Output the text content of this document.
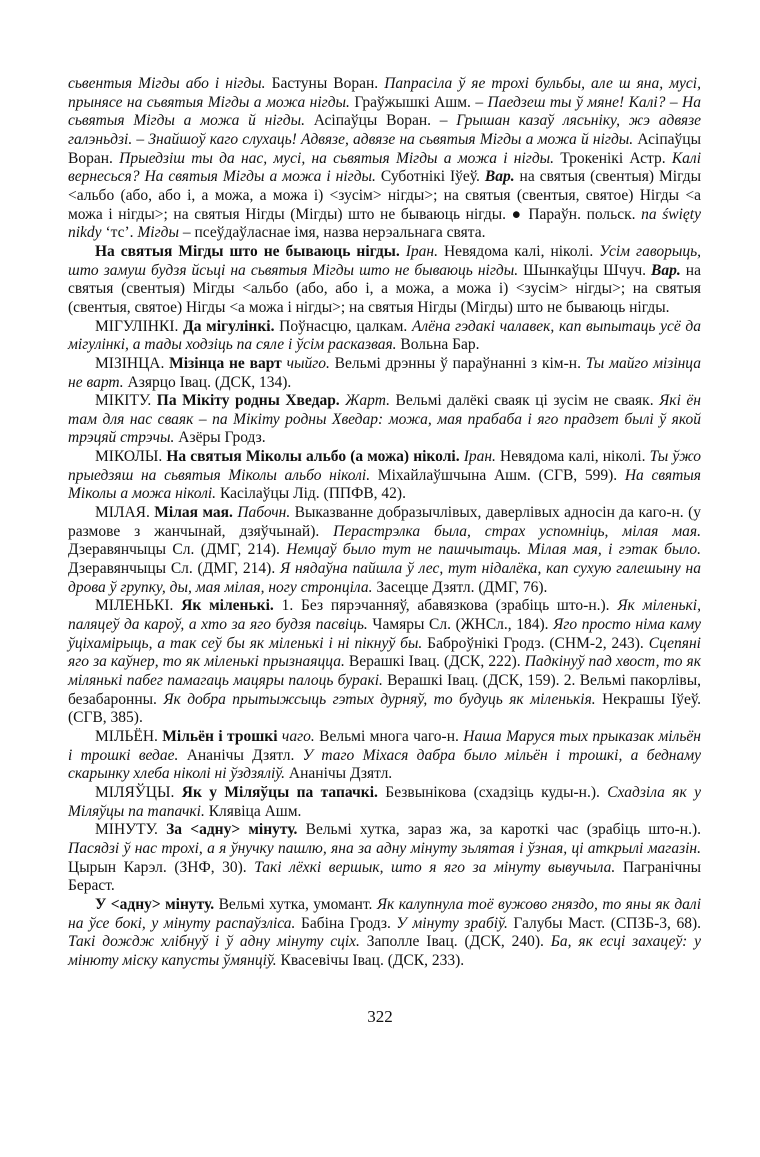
сьвентыя Мігды або і нігды. Бастуны Воран. Папрасіла ў яе трохі бульбы, але ш яна, мусі, прынясе на сьвятыя Мігды а можа нігды. Граўжышкі Ашм. – Паедзеш ты ў мяне! Калі? – На сьвятыя Мігды а можа й нігды. Асіпаўцы Воран. – Грышан казаў лясьніку, жэ адвязе галэньдзі. – Знайшоў каго слухаць! Адвязе, адвязе на сьвятыя Мігды а можа й нігды. Асіпаўцы Воран. Прыедзіш ты да нас, мусі, на сьвятыя Мігды а можа і нігды. Трокенікі Астр. Калі вернесься? На святыя Мігды а можа і нігды. Суботнікі Іўеў. Вар. на святыя (свентыя) Мігды <альбо (або, або і, а можа, а можа і) <зусім> нігды>; на святыя (свентыя, святое) Нігды <а можа і нігды>; на святыя Нігды (Мігды) што не бываюць нігды. ● Параўн. польск. na święty nikdy ‘тс’. Мігды – псеўдаўласнае імя, назва нерэальнага свята.

На святыя Мігды што не бываюць нігды. Іран. Невядома калі, ніколі. Усім гаворыць, што замуш будзя йсьці на сьвятыя Мігды што не бываюць нігды. Шынкаўцы Шчуч. Вар. на святыя (свентыя) Мігды <альбо (або, або і, а можа, а можа і) <зусім> нігды>; на святыя (свентыя, святое) Нігды <а можа і нігды>; на святыя Нігды (Мігды) што не бываюць нігды.

МІГУЛІНКІ. Да мігулінкі. Поўнасцю, цалкам. Алёна гэдакі чалавек, кап выпытаць усё да мігулінкі, а тады ходзіць па сяле і ўсім расказвая. Вольна Бар.

МІЗІНЦА. Мізінца не варт чыйго. Вельмі дрэнны ў параўнанні з кім-н. Ты майго мізінца не варт. Азярцо Івац. (ДСК, 134).

МІКІТУ. Па Мікіту родны Хведар. Жарт. Вельмі далёкі сваяк ці зусім не сваяк. Які ён там для нас сваяк – па Мікіту родны Хведар: можа, мая прабаба і яго прадзет былі ў якой трэцяй стрэчы. Азёры Гродз.

МІКОЛЫ. На святыя Міколы альбо (а можа) ніколі. Іран. Невядома калі, ніколі. Ты ўжо прыедзяш на сьвятыя Міколы альбо ніколі. Міхайлаўшчына Ашм. (СГВ, 599). На святыя Міколы а можа ніколі. Касілаўцы Лід. (ППФВ, 42).

МІЛАЯ. Мілая мая. Пабочн. Выказванне добразычлівых, даверлівых адносін да каго-н. (у размове з жанчынай, дзяўчынай). Перастрэлка была, страх успомніць, мілая мая. Дзеравянчыцы Сл. (ДМГ, 214). Немцаў было тут не пашчытаць. Мілая мая, і гэтак было. Дзеравянчыцы Сл. (ДМГ, 214). Я нядаўна пайшла ў лес, тут нідалёка, кап сухую галешыну на дрова ў групку, ды, мая мілая, ногу стронціла. Засецце Дзятл. (ДМГ, 76).

МІЛЕНЬКІ. Як міленькі. 1. Без пярэчанняў, абавязкова (зрабіць што-н.). Як міленькі, паляцеў да кароў, а хто за яго будзя пасвіць. Чамяры Сл. (ЖНСл., 184). Яго просто німа каму ўціхамірыць, а так сеў бы як міленькі і ні пікнуў бы. Бабpоўнікі Гродз. (СНМ-2, 243). Сцепяні яго за каўнер, то як міленькі прызнаяцца. Верашкі Івац. (ДСК, 222). Падкінуў пад хвост, то як мілянькі пабег памагаць мацяры палоць буракі. Верашкі Івац. (ДСК, 159). 2. Вельмі пакорлівы, безабаронны. Як добра прытыжсыць гэтых дурняў, то будуць як міленькія. Некрашы Іўеў. (СГВ, 385).

МІЛЬЁН. Мільён і трошкі чаго. Вельмі многа чаго-н. Наша Маруся тых прыказак мільён і трошкі ведае. Ананічы Дзятл. У таго Міхася дабра было мільён і трошкі, а беднаму скарынку хлеба ніколі ні ўздзяліў. Ананічы Дзятл.

МІЛЯЎЦЫ. Як у Міляўцы па тапачкі. Безвынікова (схадзіць куды-н.). Схадзіла як у Міляўцы па тапачкі. Клявіца Ашм.

МІНУТУ. За <адну> мінуту. Вельмі хутка, зараз жа, за кароткі час (зрабіць што-н.). Пасядзі ў нас трохі, а я ўнучку пашлю, яна за адну мінуту зьлятая і ўзная, ці аткрылі магазін. Цырын Карэл. (ЗНФ, 30). Такі лёхкі вершык, што я яго за мінуту вывучыла. Пагранічны Бераст.

У <адну> мінуту. Вельмі хутка, умомант. Як калупнула тоё вужово гняздо, то яны як далі на ўсе бокі, у мінуту распаўзліса. Бабіна Гродз. У мінуту зрабіў. Галубы Маст. (СПЗБ-3, 68). Такі дождж хлібнуў і ў адну мінуту сціх. Заполле Івац. (ДСК, 240). Ба, як есці захацеў: у мінюту міску капусты ўмянціў. Квасевічы Івац. (ДСК, 233).

322
